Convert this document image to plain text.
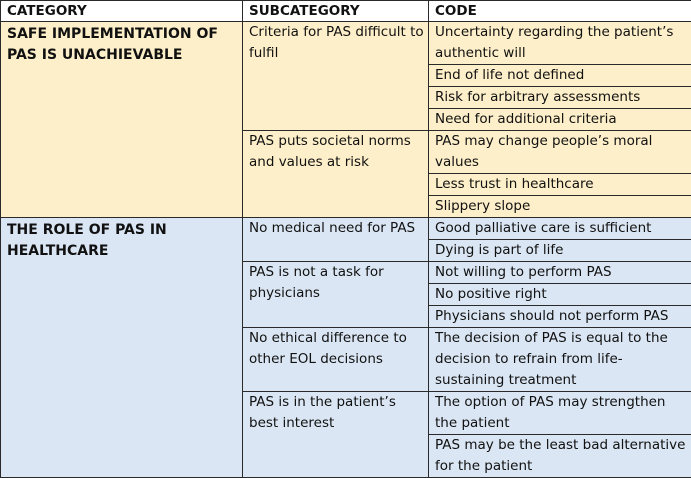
CATEGORY	SUBCATEGORY	CODE
SAFE IMPLEMENTATION OF PAS IS UNACHIEVABLE	Criteria for PAS difficult to fulfil	Uncertainty regarding the patient’s authentic will
		End of life not defined
		Risk for arbitrary assessments
		Need for additional criteria
	PAS puts societal norms and values at risk	PAS may change people’s moral values
		Less trust in healthcare
		Slippery slope
THE ROLE OF PAS IN HEALTHCARE	No medical need for PAS	Good palliative care is sufficient
		Dying is part of life
	PAS is not a task for physicians	Not willing to perform PAS
		No positive right
		Physicians should not perform PAS
	No ethical difference to other EOL decisions	The decision of PAS is equal to the decision to refrain from life-sustaining treatment
	PAS is in the patient’s best interest	The option of PAS may strengthen the patient
		PAS may be the least bad alternative for the patient
